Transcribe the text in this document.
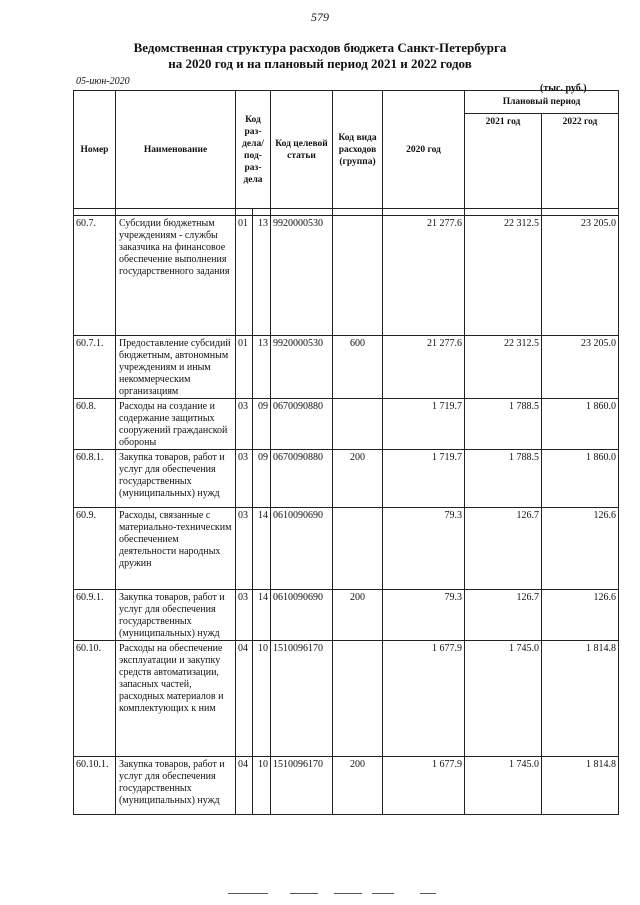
579
Ведомственная структура расходов бюджета Санкт-Петербурга
на 2020 год и на плановый период 2021 и 2022 годов
05-июн-2020
(тыс. руб.)
Номер	Наименование	Код раз-дела/ под-раз-дела		Код целевой статьи	Код вида расходов (группа)	2020 год	Плановый период	
							2021 год	2022 год

60.7.	Субсидии бюджетным учреждениям - службы заказчика на финансовое обеспечение выполнения государственного задания	01	13	9920000530		21 277.6	22 312.5	23 205.0
60.7.1.	Предоставление субсидий бюджетным, автономным учреждениям и иным некоммерческим организациям	01	13	9920000530	600	21 277.6	22 312.5	23 205.0
60.8.	Расходы на создание и содержание защитных сооружений гражданской обороны	03	09	0670090880		1 719.7	1 788.5	1 860.0
60.8.1.	Закупка товаров, работ и услуг для обеспечения государственных (муниципальных) нужд	03	09	0670090880	200	1 719.7	1 788.5	1 860.0
60.9.	Расходы, связанные с материально-техническим обеспечением деятельности народных дружин	03	14	0610090690		79.3	126.7	126.6
60.9.1.	Закупка товаров, работ и услуг для обеспечения государственных (муниципальных) нужд	03	14	0610090690	200	79.3	126.7	126.6
60.10.	Расходы на обеспечение эксплуатации и закупку средств автоматизации, запасных частей, расходных материалов и комплектующих к ним	04	10	1510096170		1 677.9	1 745.0	1 814.8
60.10.1.	Закупка товаров, работ и услуг для обеспечения государственных (муниципальных) нужд	04	10	1510096170	200	1 677.9	1 745.0	1 814.8
